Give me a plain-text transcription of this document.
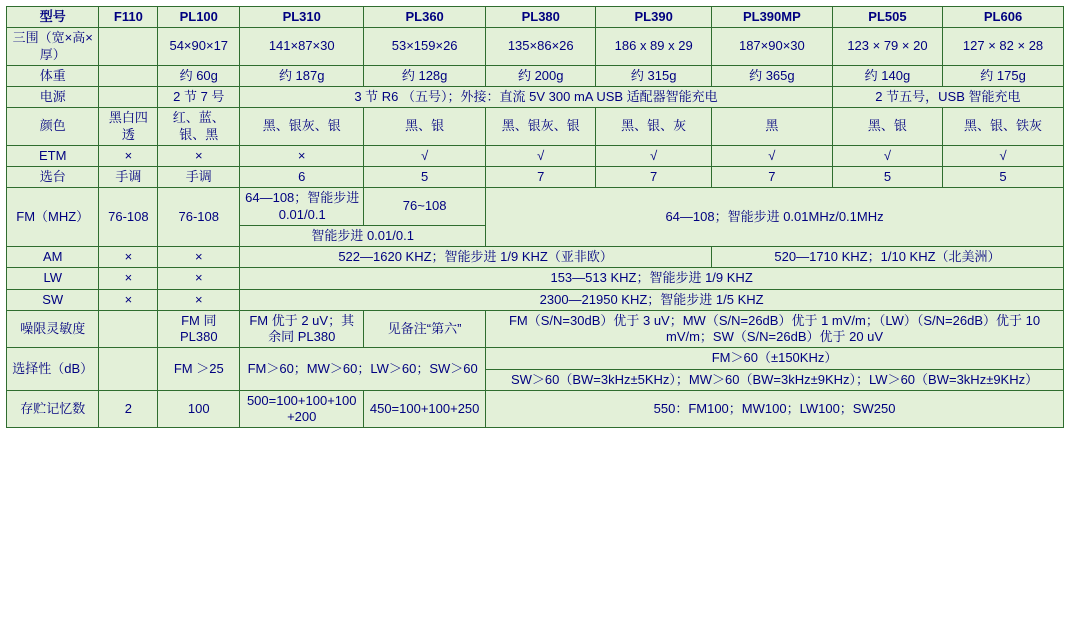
型号	F110	PL100	PL310	PL360	PL380	PL390	PL390MP	PL505	PL606
三围（宽×高×厚）		54×90×17	141×87×30	53×159×26	135×86×26	186 x 89 x 29	187×90×30	123 × 79 × 20	127 × 82 × 28
体重		约 60g	约 187g	约 128g	约 200g	约 315g	约 365g	约 140g	约 175g
电源		2 节 7 号	3 节 R6 （五号）；外接：直流 5V 300 mA USB 适配器智能充电					2 节五号，USB 智能充电	
颜色	黑白四透	红、蓝、银、黑	黑、银灰、银	黑、银	黑、银灰、银	黑、银、灰	黑	黑、银	黑、银、铁灰
ETM	×	×	×	√	√	√	√	√	√
选台	手调	手调	6	5	7	7	7	5	5
FM（MHZ）	76-108	76-108	64—108；智能步进 0.01/0.1	76~108	64—108；智能步进 0.01MHz/0.1MHz				
			智能步进 0.01/0.1						
AM	×	×	522—1620 KHZ；智能步进 1/9 KHZ（亚非欧）				520—1710 KHZ；1/10 KHZ（北美洲）		
LW	×	×	153—513 KHZ；智能步进 1/9 KHZ						
SW	×	×	2300—21950 KHZ；智能步进 1/5 KHZ						
噪限灵敏度		FM 同 PL380	FM 优于 2 uV；其余同 PL380	见备注“第六”	FM（S/N=30dB）优于 3 uV；MW（S/N=26dB）优于 1 mV/m；（LW）（S/N=26dB）优于 10 mV/m；SW（S/N=26dB）优于 20 uV				
选择性（dB）		FM ＞25	FM＞60；MW＞60；LW＞60；SW＞60		FM＞60（±150KHz）				
					SW＞60（BW=3kHz±5KHz）；MW＞60（BW=3kHz±9KHz）；LW＞60（BW=3kHz±9KHz）				
存贮记忆数	2	100	500=100+100+100+200	450=100+100+250	550：FM100；MW100；LW100；SW250				
